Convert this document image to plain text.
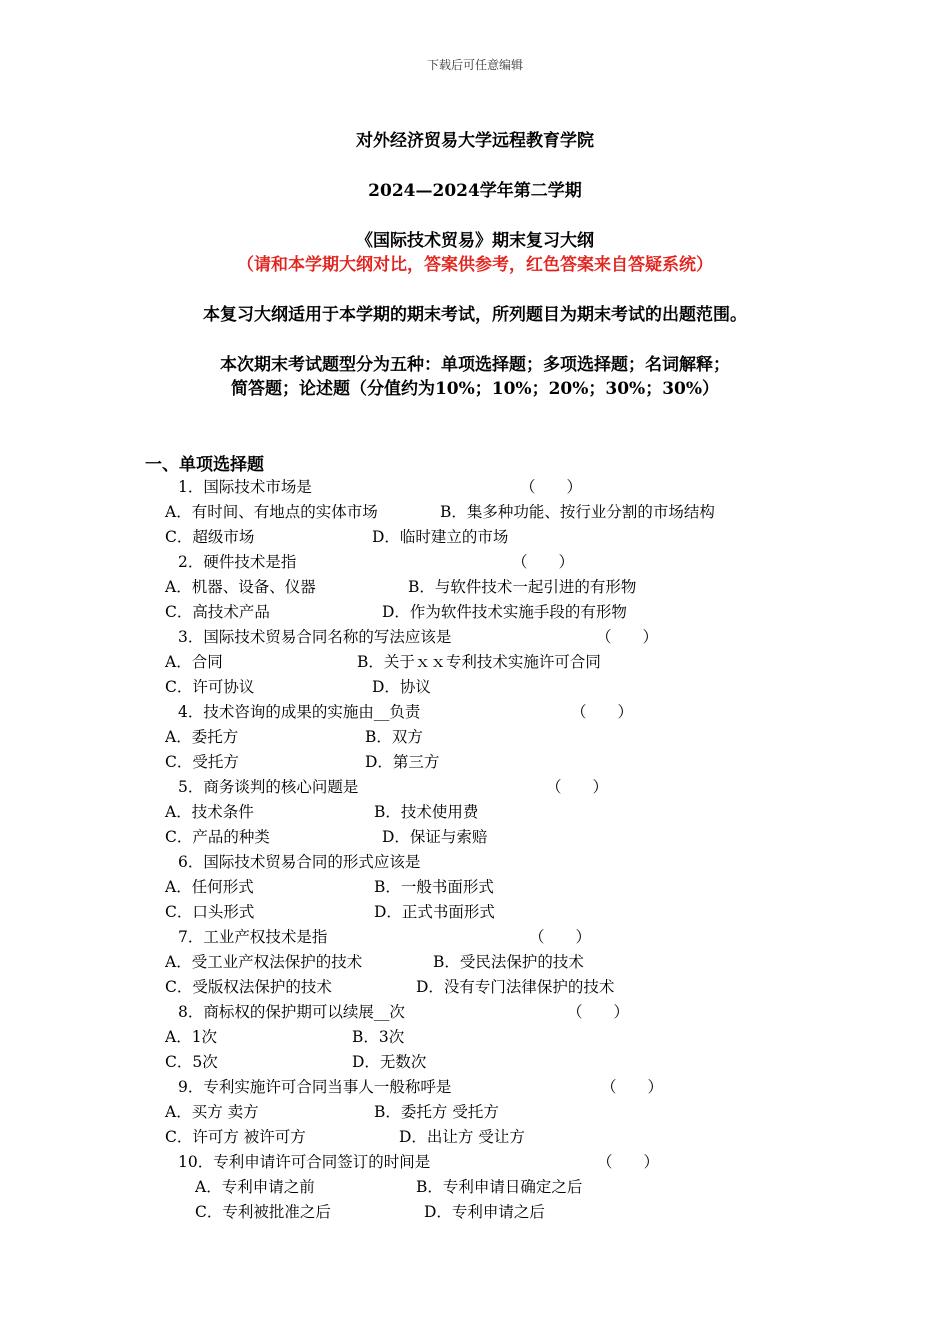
下载后可任意编辑
对外经济贸易大学远程教育学院
2024—2024学年第二学期
《国际技术贸易》期末复习大纲
（请和本学期大纲对比，答案供参考，红色答案来自答疑系统）
本复习大纲适用于本学期的期末考试，所列题目为期末考试的出题范围。
本次期末考试题型分为五种：单项选择题；多项选择题；名词解释；
简答题；论述题（分值约为10%；10%；20%；30%；30%）
一、单项选择题
1．国际技术市场是	（　　）
A．有时间、有地点的实体市场	B．集多种功能、按行业分割的市场结构
C．超级市场	D．临时建立的市场
2．硬件技术是指	（　　）
A．机器、设备、仪器	B．与软件技术一起引进的有形物
C．高技术产品	D．作为软件技术实施手段的有形物
3．国际技术贸易合同名称的写法应该是	（　　）
A．合同	B．关于ｘｘ专利技术实施许可合同
C．许可协议	D．协议
4．技术咨询的成果的实施由__负责	（　　）
A．委托方	B．双方
C．受托方	D．第三方
5．商务谈判的核心问题是	（　　）
A．技术条件	B．技术使用费
C．产品的种类	D．保证与索赔
6．国际技术贸易合同的形式应该是
A．任何形式	B．一般书面形式
C．口头形式	D．正式书面形式
7．工业产权技术是指	（　　）
A．受工业产权法保护的技术	B．受民法保护的技术
C．受版权法保护的技术	D．没有专门法律保护的技术
8．商标权的保护期可以续展__次	（　　）
A．1次	B．3次
C．5次	D．无数次
9．专利实施许可合同当事人一般称呼是	（　　）
A．买方 卖方	B．委托方 受托方
C．许可方 被许可方	D．出让方 受让方
10．专利申请许可合同签订的时间是	（　　）
A．专利申请之前	B．专利申请日确定之后
C．专利被批准之后	D．专利申请之后
